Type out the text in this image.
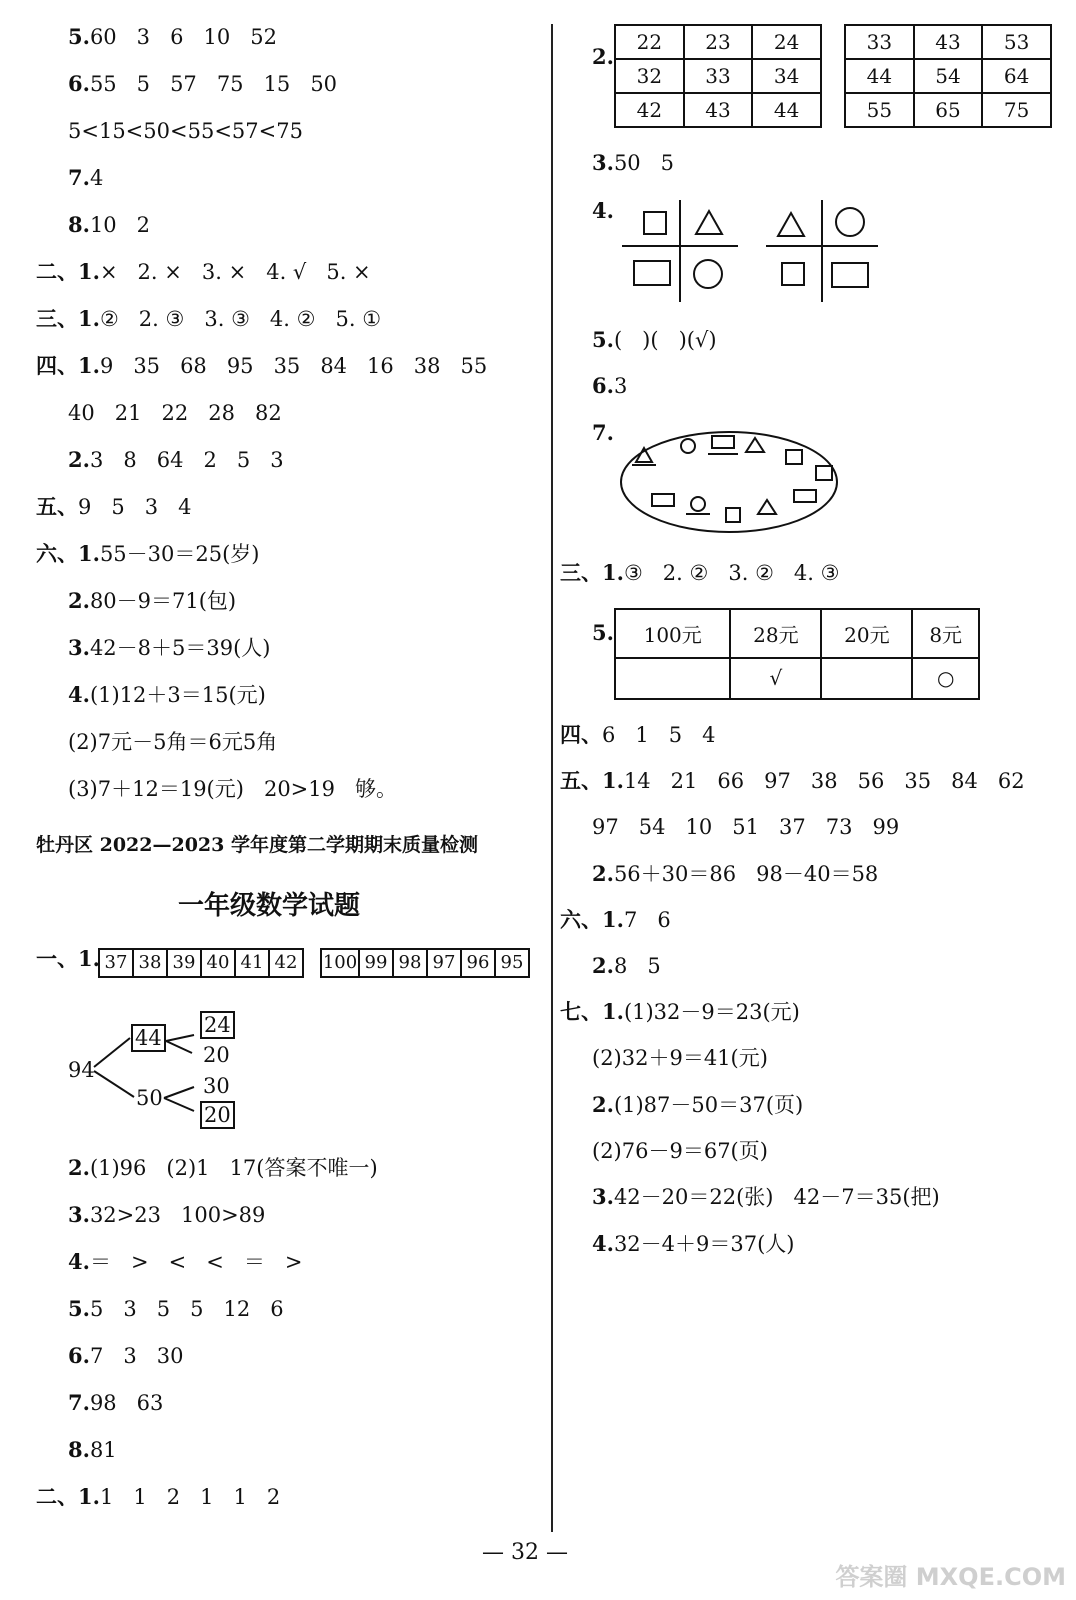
5.60   3   6   10   52
6.55   5   57   75   15   50
5<15<50<55<57<75
7.4
8.10   2
二、1.×   2. ×   3. ×   4. √   5. ×
三、1.②   2. ③   3. ③   4. ②   5. ①
四、1.9   35   68   95   35   84   16   38   55
40   21   22   28   82
2.3   8   64   2   5   3
五、9   5   3   4
六、1.55－30＝25(岁)
2.80－9＝71(包)
3.42－8＋5＝39(人)
4.(1)12＋3＝15(元)
(2)7元－5角＝6元5角
(3)7＋12＝19(元)   20>19   够。
牡丹区 2022—2023 学年度第二学期期末质量检测
一年级数学试题
一、1. 37 38 39 40 41 42	100 99 98 97 96 95
94
44
50
24
20
30
20
2.(1)96   (2)1   17(答案不唯一)
3.32>23   100>89
4.＝   >   <   <   ＝   >
5.5   3   5   5   12   6
6.7   3   30
7.98   63
8.81
二、1.1   1   2   1   1   2
2.
22	23	24
32	33	34
42	43	44
33	43	53
44	54	64
55	65	75
3.50   5
4.
5.(   )(   )(√)
6.3
7.
三、1.③   2. ②   3. ②   4. ③
5. 100元	28元	20元	8元
	√		○
四、6   1   5   4
五、1.14   21   66   97   38   56   35   84   62
97   54   10   51   37   73   99
2.56＋30＝86   98－40＝58
六、1.7   6
2.8   5
七、1.(1)32－9＝23(元)
(2)32＋9＝41(元)
2.(1)87－50＝37(页)
(2)76－9＝67(页)
3.42－20＝22(张)   42－7＝35(把)
4.32－4＋9＝37(人)
— 32 —
答案圈 MXQE.COM
